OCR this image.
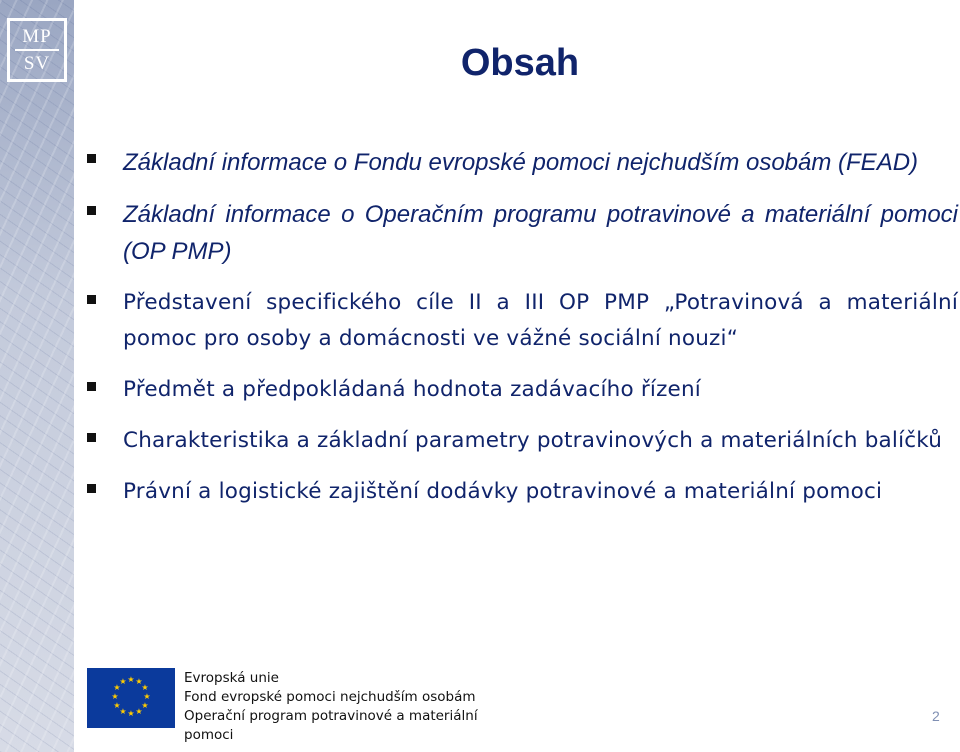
MP
SV	Obsah
Základní informace o Fondu evropské pomoci nejchudším osobám (FEAD)
Základní informace o Operačním programu potravinové a materiální pomoci (OP PMP)
Představení specifického cíle II a III OP PMP „Potravinová a materiální pomoc pro osoby a domácnosti ve vážné sociální nouzi“
Předmět a předpokládaná hodnota zadávacího řízení
Charakteristika a základní parametry potravinových a materiálních balíčků
Právní a logistické zajištění dodávky potravinové a materiální pomoci
★ ★
★
★
★
★
★
★
★
★
★
★	Evropská unie
Fond evropské pomoci nejchudším osobám
Operační program potravinové a materiální pomoci
2
